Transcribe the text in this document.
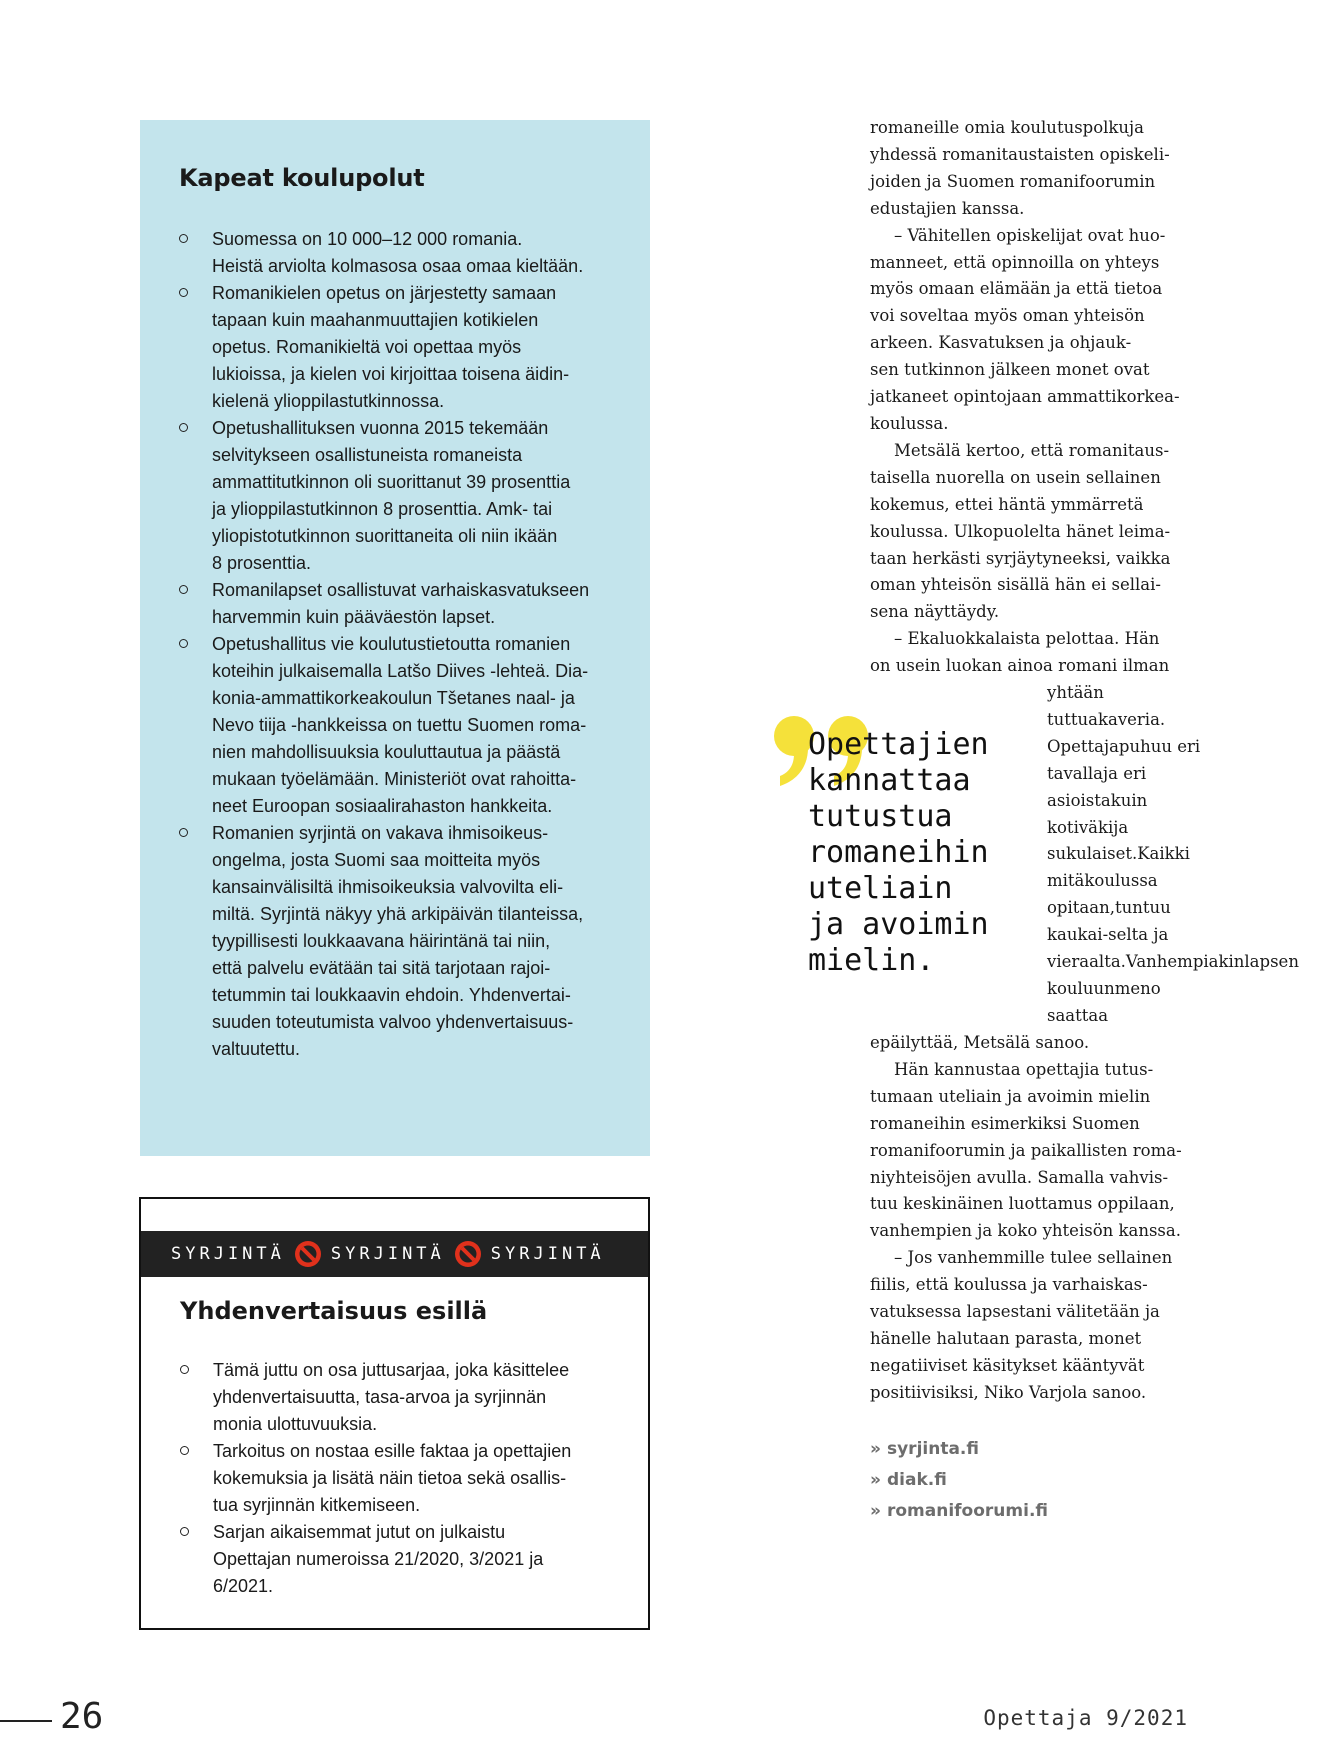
Kapeat koulupolut
Suomessa on 10 000–12 000 romania.
Heistä arviolta kolmasosa osaa omaa kieltään.
Romanikielen opetus on järjestetty samaan
tapaan kuin maahanmuuttajien kotikielen
opetus. Romanikieltä voi opettaa myös
lukioissa, ja kielen voi kirjoittaa toisena äidin-
kielenä ylioppilastutkinnossa.
Opetushallituksen vuonna 2015 tekemään
selvitykseen osallistuneista romaneista
ammattitutkinnon oli suorittanut 39 prosenttia
ja ylioppilastutkinnon 8 prosenttia. Amk- tai
yliopistotutkinnon suorittaneita oli niin ikään
8 prosenttia.
Romanilapset osallistuvat varhaiskasvatukseen
harvemmin kuin pääväestön lapset.
Opetushallitus vie koulutustietoutta romanien
koteihin julkaisemalla Latšo Diives -lehteä. Dia-
konia-ammattikorkeakoulun Tšetanes naal- ja
Nevo tiija -hankkeissa on tuettu Suomen roma-
nien mahdollisuuksia kouluttautua ja päästä
mukaan työelämään. Ministeriöt ovat rahoitta-
neet Euroopan sosiaalirahaston hankkeita.
Romanien syrjintä on vakava ihmisoikeus-
ongelma, josta Suomi saa moitteita myös
kansainvälisiltä ihmisoikeuksia valvovilta eli-
miltä. Syrjintä näkyy yhä arkipäivän tilanteissa,
tyypillisesti loukkaavana häirintänä tai niin,
että palvelu evätään tai sitä tarjotaan rajoi-
tetummin tai loukkaavin ehdoin. Yhdenvertai-
suuden toteutumista valvoo yhdenvertaisuus-
valtuutettu.
SYRJINTÄ	SYRJINTÄ	SYRJINTÄ
Yhdenvertaisuus esillä
Tämä juttu on osa juttusarjaa, joka käsittelee
yhdenvertaisuutta, tasa-arvoa ja syrjinnän
monia ulottuvuuksia.
Tarkoitus on nostaa esille faktaa ja opettajien
kokemuksia ja lisätä näin tietoa sekä osallis-
tua syrjinnän kitkemiseen.
Sarjan aikaisemmat jutut on julkaistu
Opettajan numeroissa 21/2020, 3/2021 ja
6/2021.
romaneille omia koulutuspolkuja
yhdessä romanitaustaisten opiskeli-
joiden ja Suomen romanifoorumin
edustajien kanssa.
– Vähitellen opiskelijat ovat huo-
manneet, että opinnoilla on yhteys
myös omaan elämään ja että tietoa
voi soveltaa myös oman yhteisön
arkeen. Kasvatuksen ja ohjauk-
sen tutkinnon jälkeen monet ovat
jatkaneet opintojaan ammattikorkea-
koulussa.
Metsälä kertoo, että romanitaus-
taisella nuorella on usein sellainen
kokemus, ettei häntä ymmärretä
koulussa. Ulkopuolelta hänet leima-
taan herkästi syrjäytyneeksi, vaikka
oman yhteisön sisällä hän ei sellai-
sena näyttäydy.
– Ekaluokkalaista pelottaa. Hän
on usein luokan ainoa romani ilman
yhtään tuttuakaveria. Opettajapuhuu eri tavallaja eri asioistakuin kotiväkija sukulaiset.Kaikki mitäkoulussa opitaan,tuntuu kaukai-selta ja vieraalta.Vanhempiakinlapsen kouluunmeno saattaa
epäilyttää, Metsälä sanoo.
Hän kannustaa opettajia tutus-
tumaan uteliain ja avoimin mielin
romaneihin esimerkiksi Suomen
romanifoorumin ja paikallisten roma-
niyhteisöjen avulla. Samalla vahvis-
tuu keskinäinen luottamus oppilaan,
vanhempien ja koko yhteisön kanssa.
– Jos vanhemmille tulee sellainen
fiilis, että koulussa ja varhaiskas-
vatuksessa lapsestani välitetään ja
hänelle halutaan parasta, monet
negatiiviset käsitykset kääntyvät
positiivisiksi, Niko Varjola sanoo.
Opettajien
kannattaa
tutustua
romaneihin
uteliain
ja avoimin
mielin.
» syrjinta.fi
» diak.fi
» romanifoorumi.fi
26	Opettaja 9/2021
